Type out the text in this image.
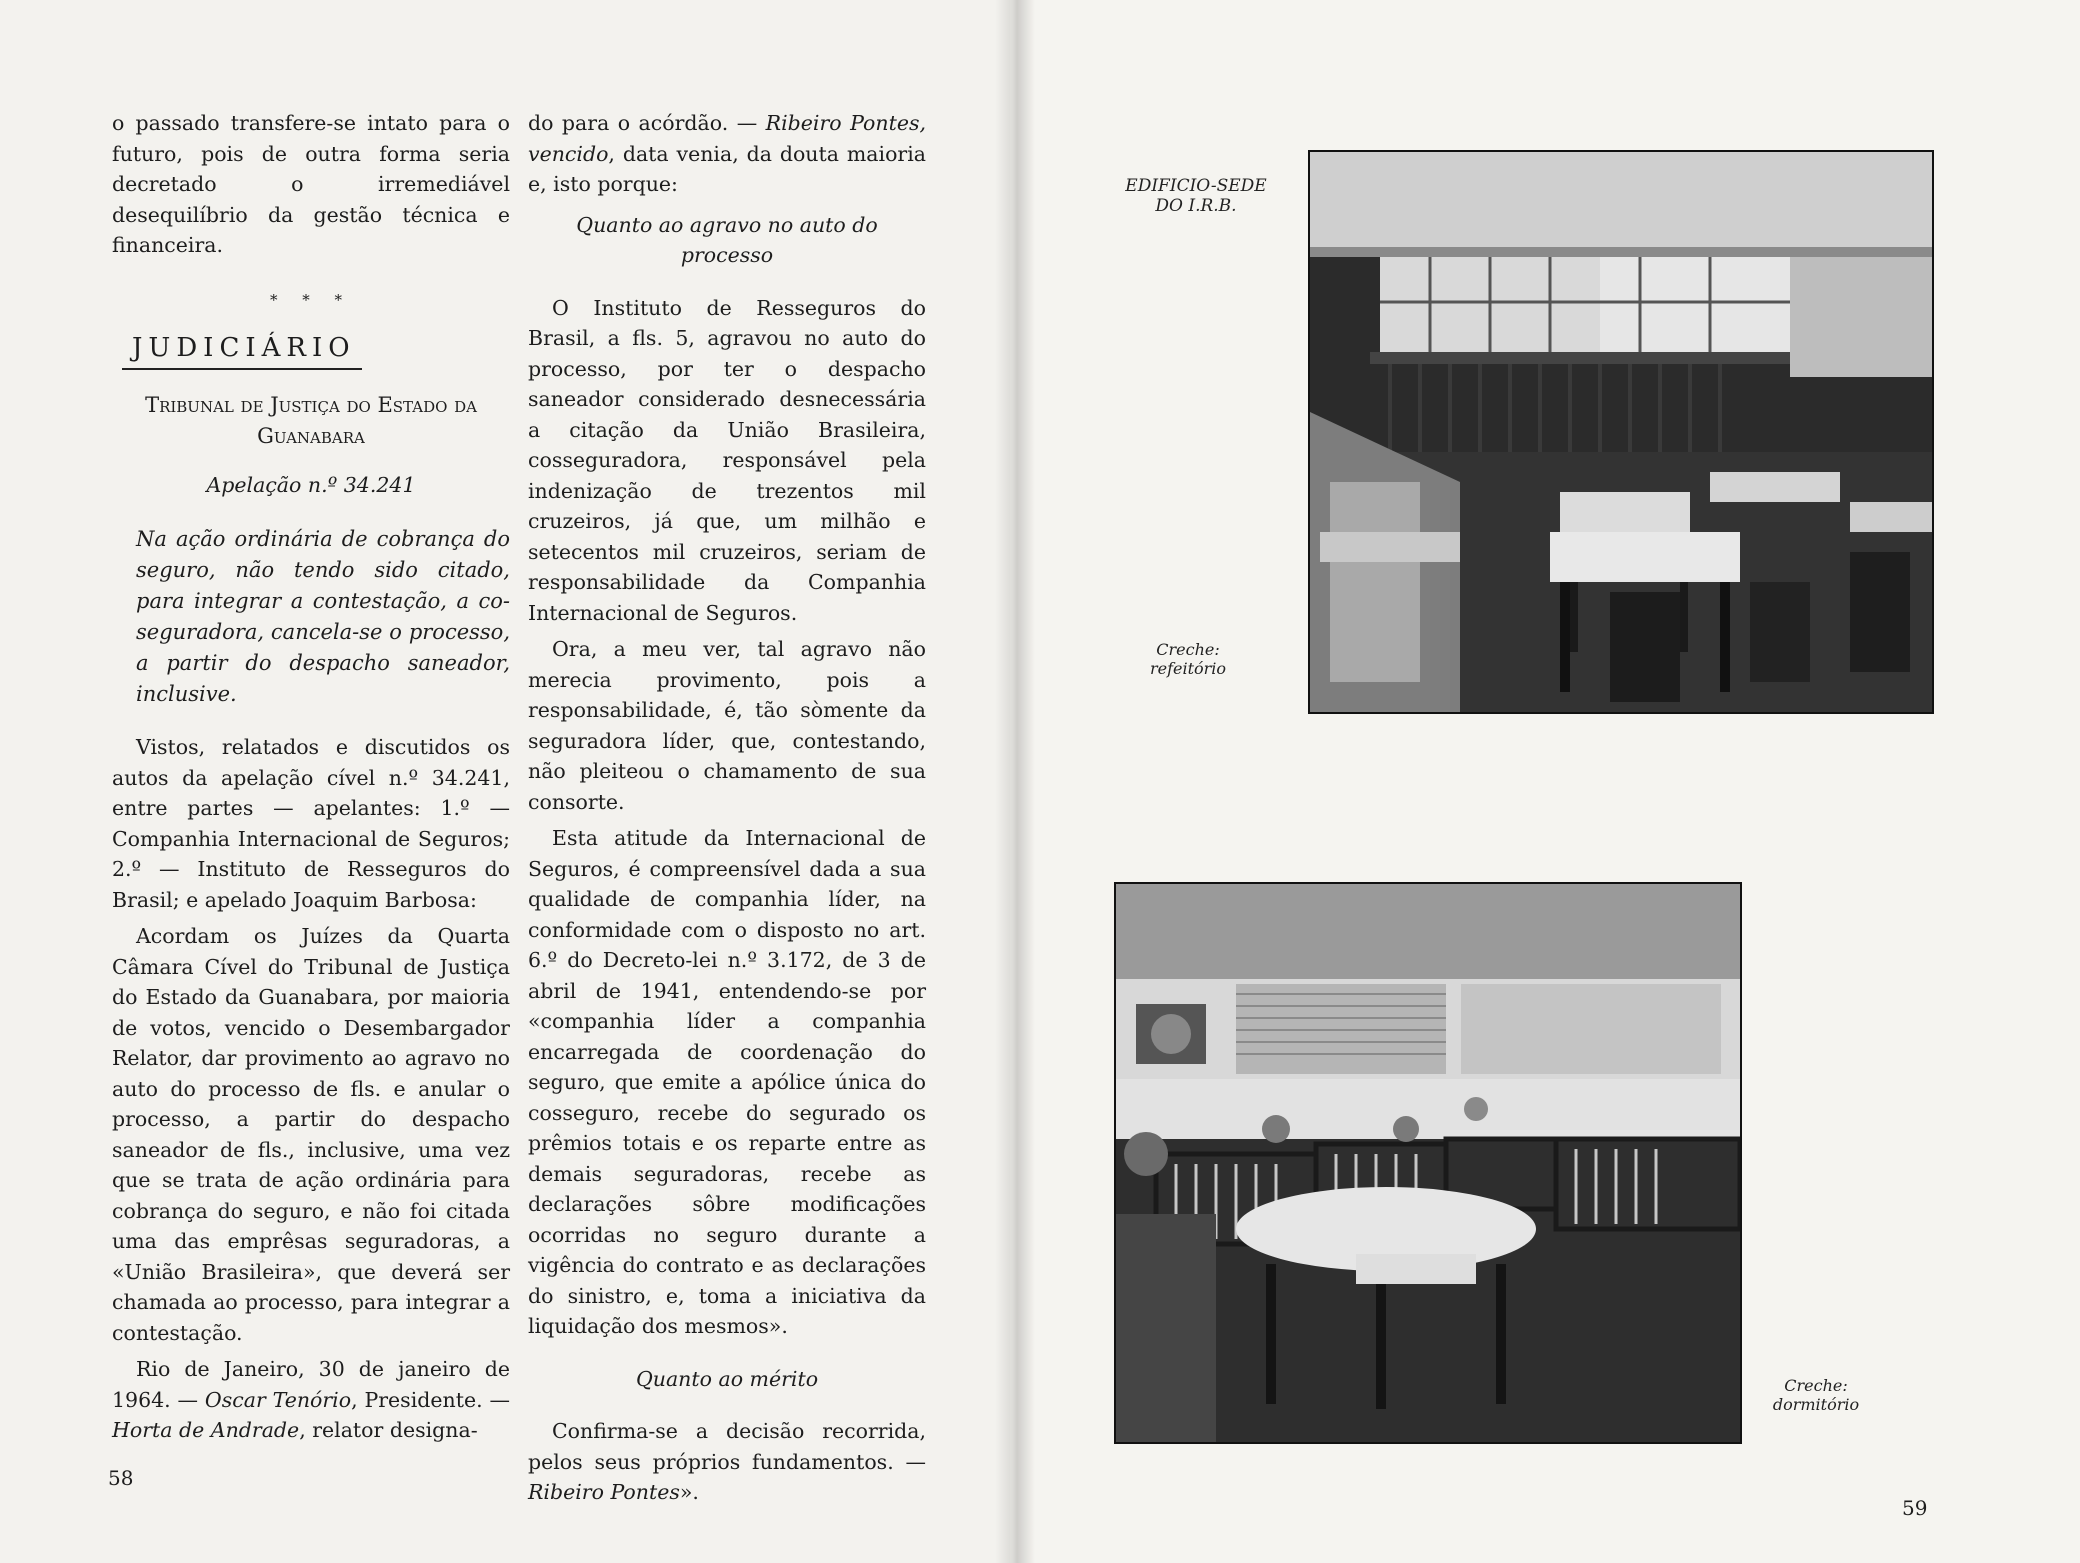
o passado transfere-se intato para o futuro, pois de outra forma seria decretado o irremediável desequilíbrio da gestão técnica e financeira.

* * *
JUDICIÁRIO
Tribunal de Justiça do Estado da Guanabara
Apelação n.º 34.241
Na ação ordinária de cobrança do seguro, não tendo sido citado, para integrar a contestação, a co-seguradora, cancela-se o processo, a partir do despacho saneador, inclusive.

Vistos, relatados e discutidos os autos da apelação cível n.º 34.241, entre partes — apelantes: 1.º — Companhia Internacional de Seguros; 2.º — Instituto de Resseguros do Brasil; e apelado Joaquim Barbosa:

Acordam os Juízes da Quarta Câmara Cível do Tribunal de Justiça do Estado da Guanabara, por maioria de votos, vencido o Desembargador Relator, dar provimento ao agravo no auto do processo de fls. e anular o processo, a partir do despacho saneador de fls., inclusive, uma vez que se trata de ação ordinária para cobrança do seguro, e não foi citada uma das emprêsas seguradoras, a «União Brasileira», que deverá ser chamada ao processo, para integrar a contestação.

Rio de Janeiro, 30 de janeiro de 1964. — Oscar Tenório, Presidente. — Horta de Andrade, relator designa-

do para o acórdão. — Ribeiro Pontes, vencido, data venia, da douta maioria e, isto porque:

Quanto ao agravo no auto do processo

O Instituto de Resseguros do Brasil, a fls. 5, agravou no auto do processo, por ter o despacho saneador considerado desnecessária a citação da União Brasileira, cosseguradora, responsável pela indenização de trezentos mil cruzeiros, já que, um milhão e setecentos mil cruzeiros, seriam de responsabilidade da Companhia Internacional de Seguros.

Ora, a meu ver, tal agravo não merecia provimento, pois a responsabilidade, é, tão sòmente da seguradora líder, que, contestando, não pleiteou o chamamento de sua consorte.

Esta atitude da Internacional de Seguros, é compreensível dada a sua qualidade de companhia líder, na conformidade com o disposto no art. 6.º do Decreto-lei n.º 3.172, de 3 de abril de 1941, entendendo-se por «companhia líder a companhia encarregada de coordenação do seguro, que emite a apólice única do cosseguro, recebe do segurado os prêmios totais e os reparte entre as demais seguradoras, recebe as declarações sôbre modificações ocorridas no seguro durante a vigência do contrato e as declarações do sinistro, e, toma a iniciativa da liquidação dos mesmos».

Quanto ao mérito

Confirma-se a decisão recorrida, pelos seus próprios fundamentos. — Ribeiro Pontes».

58
EDIFICIO-SEDE DO I.R.B.
Creche: refeitório
Creche: dormitório
59
